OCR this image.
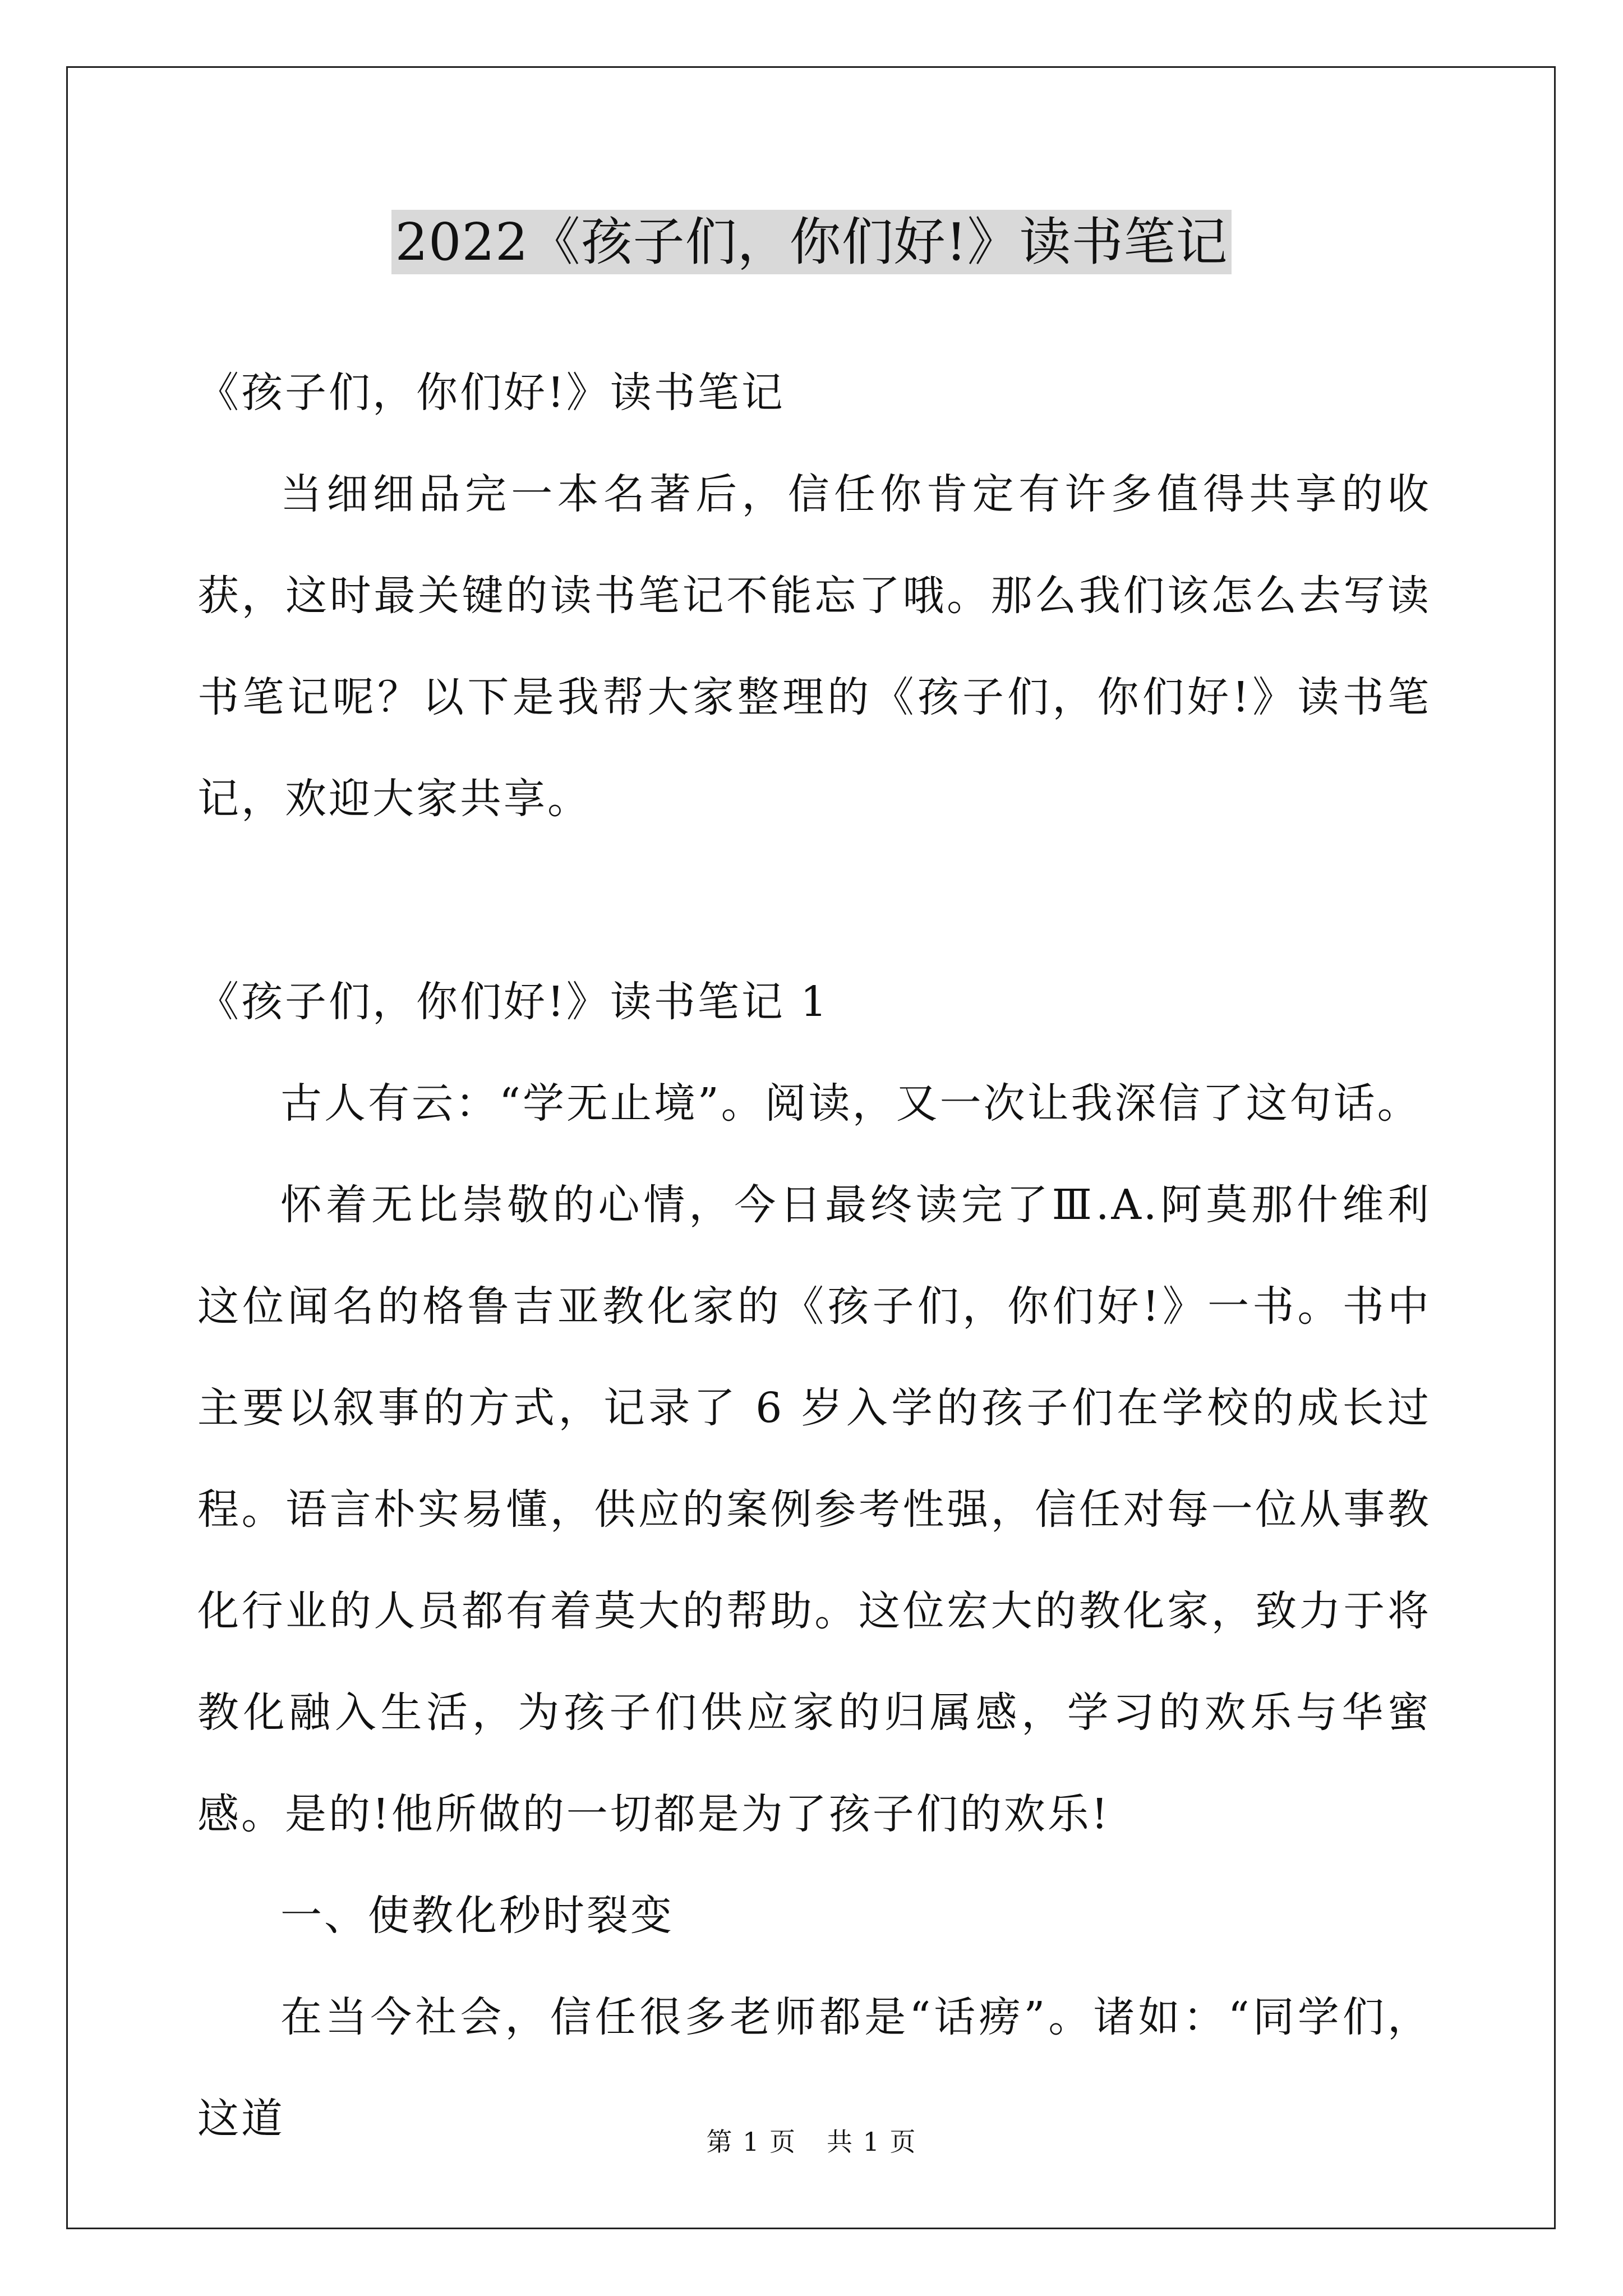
2022《孩子们，你们好!》读书笔记

《孩子们，你们好!》读书笔记

当细细品完一本名著后，信任你肯定有许多值得共享的收获，这时最关键的读书笔记不能忘了哦。那么我们该怎么去写读书笔记呢？以下是我帮大家整理的《孩子们，你们好!》读书笔记，欢迎大家共享。

《孩子们，你们好!》读书笔记 1

古人有云：“学无止境”。阅读，又一次让我深信了这句话。

怀着无比崇敬的心情，今日最终读完了Ⅲ.A.阿莫那什维利这位闻名的格鲁吉亚教化家的《孩子们，你们好!》一书。书中主要以叙事的方式，记录了 6 岁入学的孩子们在学校的成长过程。语言朴实易懂，供应的案例参考性强，信任对每一位从事教化行业的人员都有着莫大的帮助。这位宏大的教化家，致力于将教化融入生活，为孩子们供应家的归属感，学习的欢乐与华蜜感。是的!他所做的一切都是为了孩子们的欢乐!

一、使教化秒时裂变

在当今社会，信任很多老师都是“话痨”。诸如：“同学们，这道	第 1 页 共 1 页
